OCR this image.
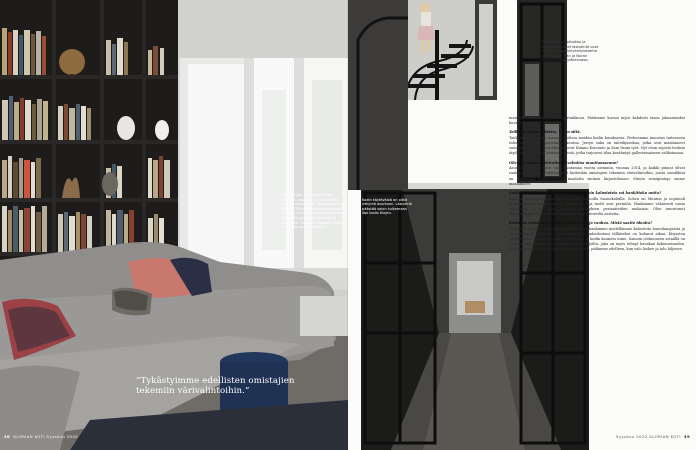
Kirjastossa on lasiseinäisten vanhan asunnon omaa ilmettä, vanha taloustiede. Kirjaston sanoja pohtii Tikkurilan harmaansininen Denim-sävy, ja yhdellä seinällä on kurkelty puu neulalla ikkunan kohdalla. Suksi on Maskun. Matto Rugvista ja rahi Mosnei.
”Tykästyimme edellisten omistajien tekemiin värivalintoihin.”
38 GLORIAN KOTI Syyskuu 2020
Musta kierreportaikko ja metallirunkoiset lasiseinät ovat perheen suosikkiyksityiskohtia asunnossa. Isan ja Noran huoneet ovat yläkerrassa.
Kodin käytävästä on pitkä näkymä asuntoon. Lasiseinä päästää valon kulkemaan läpi kodin tilojen.

maisesta tunnelmasta kierreportaikkoon. Päätimme kuvasi myös kahdesti tason jakaamiseksi huoneelleista.

Teillä on paljon taidetta, kerro siitä.

Taide nousee esiintä useassa roolissa meidän kodin kuvaksesta. Perheemme innostus taiteeseen tulee myös tavan perustaa tukeutua. Jerryn suku on taiteilijasukua, jotka ovat maalanneet suosikkitöitämme. Suosikkejani ovat Kimmo Kaivanto ja Sam Vanni työt. Nyt etsin sopivia teoksia täydentämään uusia kotimme seiniä, jotka tarjoavat tilaa kerääntyä galleriamaiseen valikoimaan.

Olivatko seinien värivalinnat valmiina muuttaessanne?

Asunto oli valmistunut vain muutamaa vuotta aiemmin, vuonna 2014, ja kaikki pinnat olivat vaaleaa harmaata. Tykästyimme kuitenkin omistajien tekemiin värivalintoihin, joista suosikkini on Tikkurilan Denim-sävyllä maalattu sininen kirjastohuone. Muuta seinäpintoja emme maalanneet.

Suitteko kodin sisustettua olemassa olevin kalusteista vai hankitteko uutta?

Koti on sisustettu kokonaisuudessaan vanhoilla huonekaluilla. Sohva on Muuton ja nojatuoli pitkäaikaisena lempiesineenä. Ruokapöytä ja tuolit ovat perintöä. Hankimme vähäisesti uusia kalusteita, ja ne ovat kestävän kehityksen periaatteiden mukaisia. Olen innostunut kierrättämisestä ja etsinkin mielelläni kirpputoreilta aarteita.

Kotimme sisustus on yhdistelmää uutta ja vanhaa. Mistä saatte ideoita?

Rakastan vintagea ja vanhoja kalusteita, ja hankimme mielellämme kalusteita huutokaupoista ja second hand -liikkeistä. Kirjahyllyistä ja aukiolostani tälläiseksi on kulunut aikaa. Kirjaston kattokruunu, joka on mummoni perintöä, on kodin kaunein esine. Samoin olohuoneen seinällä on vuosien mittaan kertynyt tauluja eri taiteilijoilta, joka on myös tehnyt hauskan kokonaisuuden. Kierreportaikkoon, jota käytämme päivittäin, pidämme edelleen, kun valo laskee ja talo hiljenee.

Syyskuu 2020 GLORIAN KOTI 39
